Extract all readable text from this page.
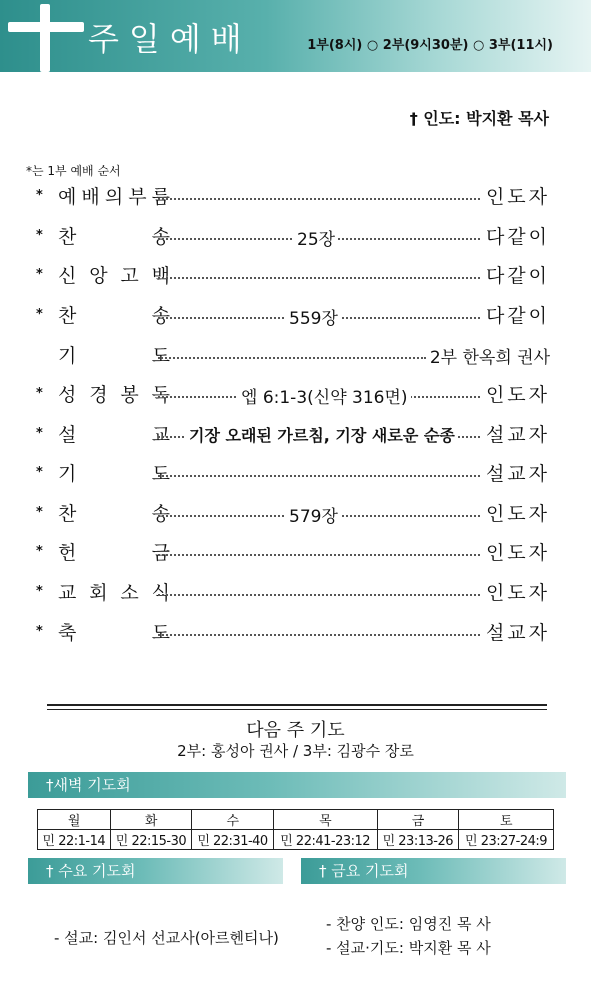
주일예배	1부(8시) ○ 2부(9시30분) ○ 3부(11시)
† 인도: 박지환 목사
*는 1부 예배 순서
* 예 배 의 부 름	인도자
* 찬	송	25장	다같이
* 신 앙 고 백	다같이
* 찬	송	559장	다같이
기	도	2부 한옥희 권사
* 성 경 봉 독	엡 6:1-3(신약 316면)	인도자
* 설	교 기장 오래된 가르침, 기장 새로운 순종 설교자
* 기	도	설교자
* 찬	송	579장	인도자
* 헌	금	인도자
* 교 회 소 식	인도자
* 축	도	설교자
다음 주 기도
2부: 홍성아 권사 / 3부: 김광수 장로
†새벽 기도회
월	화	수	목	금	토
민 22:1-14	민 22:15-30	민 22:31-40	민 22:41-23:12	민 23:13-26	민 23:27-24:9
† 수요 기도회	† 금요 기도회
- 설교: 김인서 선교사(아르헨티나)
- 찬양 인도: 임영진 목 사
- 설교·기도: 박지환 목 사
